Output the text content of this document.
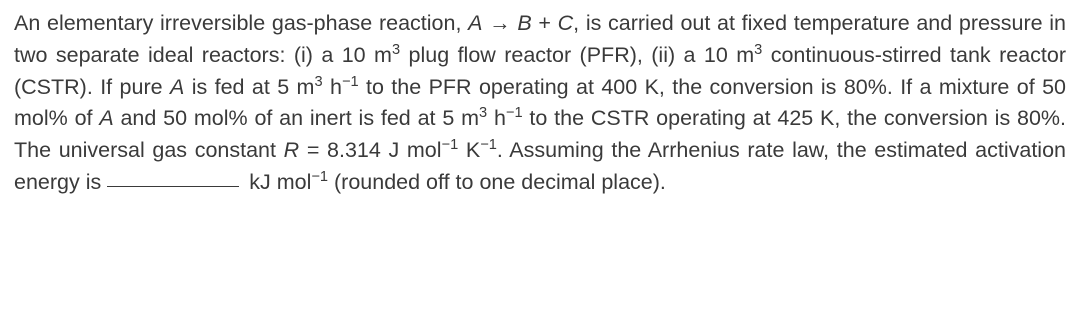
An elementary irreversible gas-phase reaction, A → B + C, is carried out at fixed temperature and pressure in two separate ideal reactors: (i) a 10 $m^3$ plug flow reactor (PFR), (ii) a 10 $m^3$ continuous-stirred tank reactor (CSTR). If pure A is fed at 5 $m^3$ $h^{-1}$ to the PFR operating at 400 K, the conversion is 80%. If a mixture of 50 mol% of A and 50 mol% of an inert is fed at 5 $m^3$ $h^{-1}$ to the CSTR operating at 425 K, the conversion is 80%. The universal gas constant R = 8.314 J mol$^{-1}$ $K^{-1}$. Assuming the Arrhenius rate law, the estimated activation energy is	kJ mol$^{-1}$ (rounded off to one decimal place).
